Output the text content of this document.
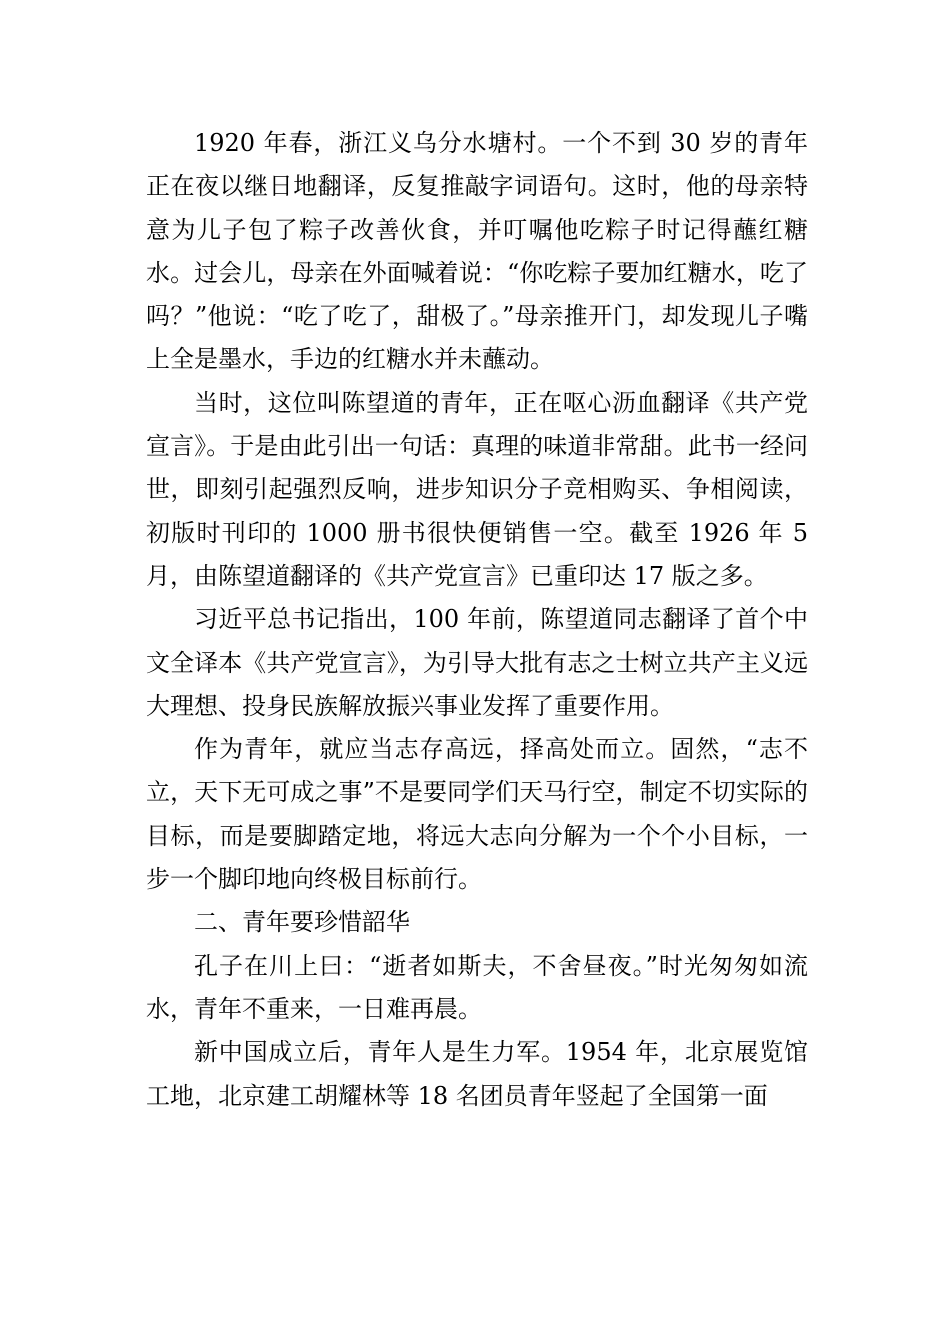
1920 年春，浙江义乌分水塘村。一个不到 30 岁的青年正在夜以继日地翻译，反复推敲字词语句。这时，他的母亲特意为儿子包了粽子改善伙食，并叮嘱他吃粽子时记得蘸红糖水。过会儿，母亲在外面喊着说：“你吃粽子要加红糖水，吃了吗？”他说：“吃了吃了，甜极了。”母亲推开门，却发现儿子嘴上全是墨水，手边的红糖水并未蘸动。

当时，这位叫陈望道的青年，正在呕心沥血翻译《共产党宣言》。于是由此引出一句话：真理的味道非常甜。此书一经问世，即刻引起强烈反响，进步知识分子竞相购买、争相阅读，初版时刊印的 1000 册书很快便销售一空。截至 1926 年 5 月，由陈望道翻译的《共产党宣言》已重印达 17 版之多。

习近平总书记指出，100 年前，陈望道同志翻译了首个中文全译本《共产党宣言》，为引导大批有志之士树立共产主义远大理想、投身民族解放振兴事业发挥了重要作用。

作为青年，就应当志存高远，择高处而立。固然，“志不立，天下无可成之事”不是要同学们天马行空，制定不切实际的目标，而是要脚踏定地，将远大志向分解为一个个小目标，一步一个脚印地向终极目标前行。

二、青年要珍惜韶华

孔子在川上曰：“逝者如斯夫，不舍昼夜。”时光匆匆如流水，青年不重来，一日难再晨。

新中国成立后，青年人是生力军。1954 年，北京展览馆工地，北京建工胡耀林等 18 名团员青年竖起了全国第一面
